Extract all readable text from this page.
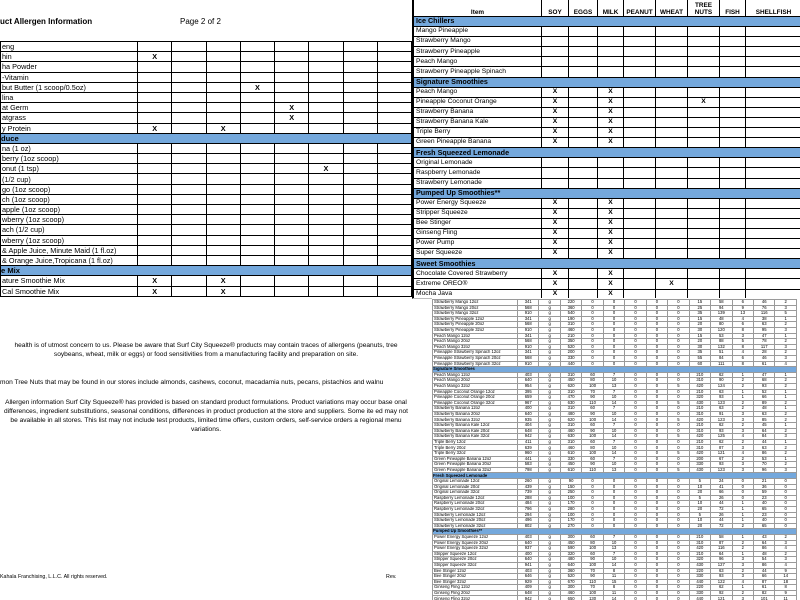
uct Allergen Information	Page 2 of 2
eng								
hin	X							
ha Powder								
-Vitamin								
but Butter (1 scoop/0.5oz)				X				
lina								
at Germ					X			
atgrass					X			
y Protein	X		X					
duce								
na (1 oz)								
berry (1oz scoop)								
onut (1 tsp)						X		
(1/2 cup)								
go (1oz scoop)								
ch (1oz scoop)								
apple (1oz scoop)								
wberry (1oz scoop)								
ach (1/2 cup)								
wberry (1oz scoop)								
& Apple Juice, Minute Maid (1 fl.oz)								
& Orange Juice,Tropicana (1 fl.oz)								
e Mix								
ature Smoothie Mix	X		X					
Cal Smoothie Mix	X		X					
health is of utmost concern to us. Please be aware that Surf City Squeeze® products may contain traces of allergens (peanuts, tree soybeans, wheat, milk or eggs) or food sensitivities from a manufacturing facility and preparation on site.
mon Tree Nuts that may be found in our stores include almonds, cashews, coconut, macadamia nuts, pecans, pistachios and walnu
Allergen information Surf City Squeeze® has provided is based on standard product formulations. Product variations may occur base onal differences, ingredient substitutions, seasonal conditions, differences in product production at the store and suppliers. Some ite ed may not be available in all stores. This list may not include test products, limited time offers, custom orders, self-service orders a regional menu variations.
Kahala Franchising, L.L.C. All rights reserved.	Rev.
Item	SOY	EGGS	MILK	PEANUT	WHEAT	TREE NUTS	FISH	SHELLFISH
Ice Chillers								
Mango Pineapple								
Strawberry Mango								
Strawberry Pineapple								
Peach Mango								
Strawberry Pineapple Spinach								
Signature Smoothies								
Peach Mango	X		X					
Pineapple Coconut Orange	X		X			X		
Strawberry Banana	X		X					
Strawberry Banana Kale	X		X					
Triple Berry	X		X					
Green Pineapple Banana	X		X					
Fresh Squeezed Lemonade								
Original Lemonade								
Raspberry Lemonade								
Strawberry Lemonade								
Pumped Up Smoothies**								
Power Energy Squeeze	X		X					
Stripper Squeeze	X		X					
Bee Stinger	X		X					
Ginseng Fling	X		X					
Power Pump	X		X					
Super Squeeze	X		X					
Sweet Smoothies								
Chocolate Covered Strawberry	X		X					
Extreme OREO®	X		X		X			
Mocha Java	X		X					

Strawberry Mango 12oz	341	g	220	0	0	0	0	0	15	58	6	46	2
Strawberry Mango 20oz	568	g	360	0	0	0	0	0	25	94	9	76	3
Strawberry Mango 32oz	910	g	540	0	0	0	0	0	35	139	13	116	5
Strawberry Pineapple 12oz	341	g	190	0	0	0	0	0	15	48	4	38	1
Strawberry Pineapple 20oz	568	g	310	0	0	0	0	0	20	80	6	63	2
Strawberry Pineapple 32oz	910	g	460	0	0	0	0	0	30	120	8	95	3
Peach Mango 12oz	341	g	210	0	0	0	0	0	15	53	3	47	1
Peach Mango 20oz	568	g	350	0	0	0	0	0	20	88	5	78	2
Peach Mango 32oz	910	g	520	0	0	0	0	0	30	132	8	117	3
Pineapple Strawberry Spinach 12oz	341	g	200	0	0	0	0	0	35	51	4	28	2
Pineapple Strawberry Spinach 20oz	568	g	330	0	0	0	0	0	55	84	6	46	3
Pineapple Strawberry Spinach 32oz	910	g	440	0	0	0	0	0	60	111	8	61	4
Signature Smoothies													
Peach Mango 12oz	403	g	310	60	7	0	0	0	210	62	1	47	1
Peach Mango 20oz	640	g	450	80	10	0	0	0	310	90	2	68	2
Peach Mango 32oz	954	g	620	100	13	0	0	5	420	124	2	93	2
Pineapple Coconut Orange 12oz	395	g	310	70	7	0	0	0	210	63	1	52	1
Pineapple Coconut Orange 20oz	659	g	470	90	10	0	0	0	320	93	1	66	1
Pineapple Coconut Orange 32oz	967	g	630	110	14	0	0	5	430	123	2	89	2
Strawberry Banana 12oz	400	g	310	60	7	0	0	0	210	63	2	48	1
Strawberry Banana 20oz	640	g	480	90	10	0	0	0	310	91	3	63	2
Strawberry Banana 32oz	935	g	620	100	14	0	0	5	420	123	3	85	2
Strawberry Banana Kale 12oz	404	g	310	60	7	0	0	0	210	62	2	45	1
Strawberry Banana Kale 20oz	648	g	460	90	10	0	0	0	310	93	3	64	2
Strawberry Banana Kale 32oz	942	g	630	100	14	0	0	5	420	125	4	84	3
Triple Berry 12oz	411	g	310	60	7	0	0	0	210	62	2	44	1
Triple Berry 20oz	639	g	460	80	10	0	0	0	310	87	3	63	2
Triple Berry 32oz	960	g	610	100	14	0	0	5	420	121	4	86	2
Green Pineapple Banana 12oz	441	g	330	60	7	0	0	0	200	67	2	53	1
Green Pineapple Banana 20oz	583	g	450	90	10	0	0	0	330	93	3	70	2
Green Pineapple Banana 32oz	798	g	610	110	13	0	0	5	430	123	3	96	3
Fresh Squeezed Lemonade													
Original Lemonade 12oz	260	g	90	0	0	0	0	0	5	24	0	21	0
Original Lemonade 20oz	439	g	150	0	0	0	0	0	10	41	0	36	0
Original Lemonade 32oz	739	g	250	0	0	0	0	0	20	66	0	59	0
Raspberry Lemonade 12oz	288	g	100	0	0	0	0	0	5	26	0	23	0
Raspberry Lemonade 20oz	484	g	170	0	0	0	0	0	10	44	1	40	0
Raspberry Lemonade 32oz	796	g	280	0	0	0	0	0	20	72	1	65	0
Strawberry Lemonade 12oz	294	g	100	0	0	0	0	0	5	26	1	23	0
Strawberry Lemonade 20oz	496	g	170	0	0	0	0	0	10	44	1	40	0
Strawberry Lemonade 32oz	802	g	270	0	0	0	0	0	20	72	2	65	0
Pumped Up Smoothies**													
Power Energy Squeeze 12oz	403	g	300	60	7	0	0	0	210	58	1	43	2
Power Energy Squeeze 20oz	640	g	450	80	10	0	0	0	310	87	2	64	3
Power Energy Squeeze 32oz	937	g	590	100	13	0	0	0	420	116	2	86	4
Stripper Squeeze 12oz	400	g	320	60	7	0	0	0	210	64	1	48	2
Stripper Squeeze 20oz	640	g	480	90	10	0	0	0	320	96	3	54	3
Stripper Squeeze 32oz	941	g	640	100	14	0	0	0	430	127	3	86	4
Bee Stinger 12oz	403	g	360	70	8	0	0	0	220	63	2	44	9
Bee Stinger 20oz	646	g	520	90	11	0	0	0	330	93	3	66	14
Bee Stinger 32oz	929	g	670	110	15	0	0	0	440	122	4	87	18
Ginseng Fling 12oz	409	g	300	70	8	0	0	0	220	62	1	61	8
Ginseng Fling 20oz	648	g	460	100	11	0	0	0	330	92	2	82	9
Ginseng Fling 32oz	942	g	650	130	14	0	0	0	440	121	3	101	11
